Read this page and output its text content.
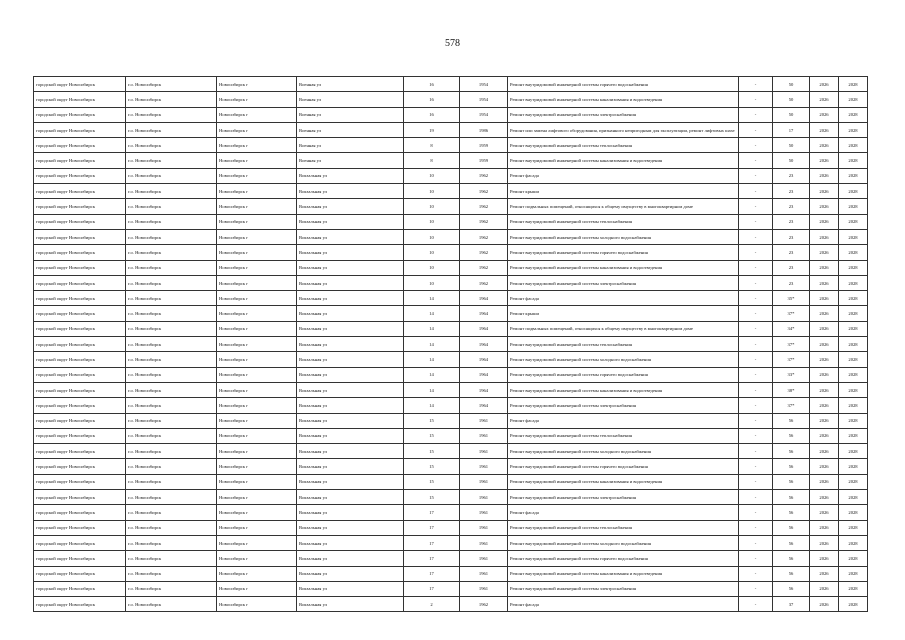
578
городской округ Новосибирск	г.о. Новосибирск	Новосибирск г	Военная ул	16	1954	Ремонт внутридомовой инженерной системы горячего водоснабжения	-	50	2026	2028
городской округ Новосибирск	г.о. Новосибирск	Новосибирск г	Военная ул	16	1954	Ремонт внутридомовой инженерной системы канализования и водоотведения	-	50	2026	2028
городской округ Новосибирск	г.о. Новосибирск	Новосибирск г	Военная ул	16	1954	Ремонт внутридомовой инженерной системы электроснабжения	-	50	2026	2028
городской округ Новосибирск	г.о. Новосибирск	Новосибирск г	Военная ул	19	1986	Ремонт или замена лифтового оборудования, признанного непригодным для эксплуатации, ремонт лифтовых шахт	-	17	2026	2028
городской округ Новосибирск	г.о. Новосибирск	Новосибирск г	Военная ул	8	1959	Ремонт внутридомовой инженерной системы теплоснабжения	-	50	2026	2028
городской округ Новосибирск	г.о. Новосибирск	Новосибирск г	Военная ул	8	1959	Ремонт внутридомовой инженерной системы канализования и водоотведения	-	50	2026	2028
городской округ Новосибирск	г.о. Новосибирск	Новосибирск г	Вокзальная ул	10	1962	Ремонт фасада	-	23	2026	2028
городской округ Новосибирск	г.о. Новосибирск	Новосибирск г	Вокзальная ул	10	1962	Ремонт крыши	-	23	2026	2028
городской округ Новосибирск	г.о. Новосибирск	Новосибирск г	Вокзальная ул	10	1962	Ремонт подвальных помещений, относящихся к общему имуществу в многоквартирном доме	-	23	2026	2028
городской округ Новосибирск	г.о. Новосибирск	Новосибирск г	Вокзальная ул	10	1962	Ремонт внутридомовой инженерной системы теплоснабжения	-	23	2026	2028
городской округ Новосибирск	г.о. Новосибирск	Новосибирск г	Вокзальная ул	10	1962	Ремонт внутридомовой инженерной системы холодного водоснабжения	-	23	2026	2028
городской округ Новосибирск	г.о. Новосибирск	Новосибирск г	Вокзальная ул	10	1962	Ремонт внутридомовой инженерной системы горячего водоснабжения	-	23	2026	2028
городской округ Новосибирск	г.о. Новосибирск	Новосибирск г	Вокзальная ул	10	1962	Ремонт внутридомовой инженерной системы канализования и водоотведения	-	23	2026	2028
городской округ Новосибирск	г.о. Новосибирск	Новосибирск г	Вокзальная ул	10	1962	Ремонт внутридомовой инженерной системы электроснабжения	-	23	2026	2028
городской округ Новосибирск	г.о. Новосибирск	Новосибирск г	Вокзальная ул	14	1964	Ремонт фасада	-	35*	2026	2028
городской округ Новосибирск	г.о. Новосибирск	Новосибирск г	Вокзальная ул	14	1964	Ремонт крыши	-	37*	2026	2028
городской округ Новосибирск	г.о. Новосибирск	Новосибирск г	Вокзальная ул	14	1964	Ремонт подвальных помещений, относящихся к общему имуществу в многоквартирном доме	-	34*	2026	2028
городской округ Новосибирск	г.о. Новосибирск	Новосибирск г	Вокзальная ул	14	1964	Ремонт внутридомовой инженерной системы теплоснабжения	-	37*	2026	2028
городской округ Новосибирск	г.о. Новосибирск	Новосибирск г	Вокзальная ул	14	1964	Ремонт внутридомовой инженерной системы холодного водоснабжения	-	37*	2026	2028
городской округ Новосибирск	г.о. Новосибирск	Новосибирск г	Вокзальная ул	14	1964	Ремонт внутридомовой инженерной системы горячего водоснабжения	-	33*	2026	2028
городской округ Новосибирск	г.о. Новосибирск	Новосибирск г	Вокзальная ул	14	1964	Ремонт внутридомовой инженерной системы канализования и водоотведения	-	38*	2026	2028
городской округ Новосибирск	г.о. Новосибирск	Новосибирск г	Вокзальная ул	14	1964	Ремонт внутридомовой инженерной системы электроснабжения	-	37*	2026	2028
городской округ Новосибирск	г.о. Новосибирск	Новосибирск г	Вокзальная ул	15	1961	Ремонт фасада	-	56	2026	2028
городской округ Новосибирск	г.о. Новосибирск	Новосибирск г	Вокзальная ул	15	1961	Ремонт внутридомовой инженерной системы теплоснабжения	-	56	2026	2028
городской округ Новосибирск	г.о. Новосибирск	Новосибирск г	Вокзальная ул	15	1961	Ремонт внутридомовой инженерной системы холодного водоснабжения	-	56	2026	2028
городской округ Новосибирск	г.о. Новосибирск	Новосибирск г	Вокзальная ул	15	1961	Ремонт внутридомовой инженерной системы горячего водоснабжения	-	56	2026	2028
городской округ Новосибирск	г.о. Новосибирск	Новосибирск г	Вокзальная ул	15	1961	Ремонт внутридомовой инженерной системы канализования и водоотведения	-	56	2026	2028
городской округ Новосибирск	г.о. Новосибирск	Новосибирск г	Вокзальная ул	15	1961	Ремонт внутридомовой инженерной системы электроснабжения	-	56	2026	2028
городской округ Новосибирск	г.о. Новосибирск	Новосибирск г	Вокзальная ул	17	1961	Ремонт фасада	-	56	2026	2028
городской округ Новосибирск	г.о. Новосибирск	Новосибирск г	Вокзальная ул	17	1961	Ремонт внутридомовой инженерной системы теплоснабжения	-	56	2026	2028
городской округ Новосибирск	г.о. Новосибирск	Новосибирск г	Вокзальная ул	17	1961	Ремонт внутридомовой инженерной системы холодного водоснабжения	-	56	2026	2028
городской округ Новосибирск	г.о. Новосибирск	Новосибирск г	Вокзальная ул	17	1961	Ремонт внутридомовой инженерной системы горячего водоснабжения	-	56	2026	2028
городской округ Новосибирск	г.о. Новосибирск	Новосибирск г	Вокзальная ул	17	1961	Ремонт внутридомовой инженерной системы канализования и водоотведения	-	56	2026	2028
городской округ Новосибирск	г.о. Новосибирск	Новосибирск г	Вокзальная ул	17	1961	Ремонт внутридомовой инженерной системы электроснабжения	-	56	2026	2028
городской округ Новосибирск	г.о. Новосибирск	Новосибирск г	Вокзальная ул	2	1962	Ремонт фасада	-	37	2026	2028
